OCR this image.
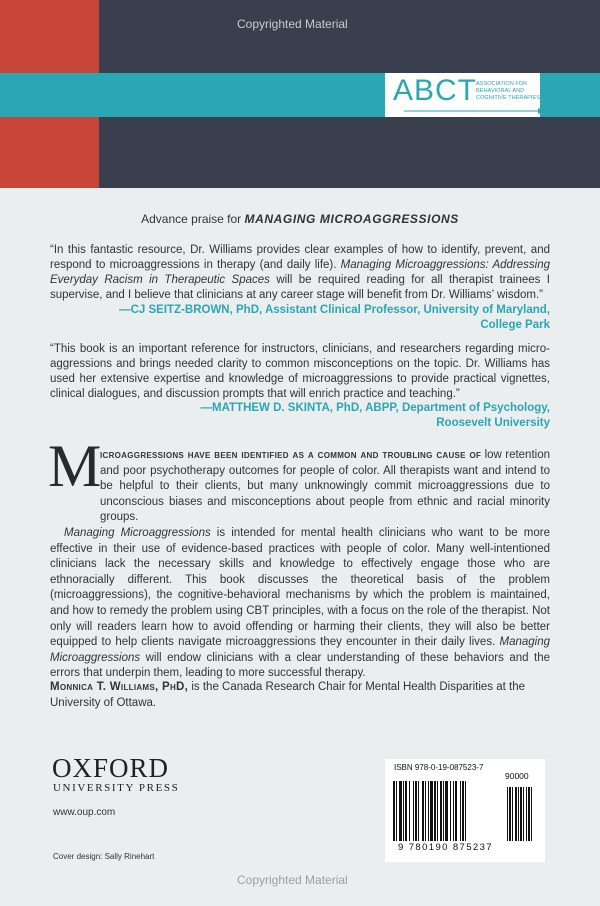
Copyrighted Material
ABCT
ASSOCIATION FOR
BEHAVIORAL AND
COGNITIVE THERAPIES
Advance praise for MANAGING MICROAGGRESSIONS
“In this fantastic resource, Dr. Williams provides clear examples of how to identify, prevent, and respond to microaggressions in therapy (and daily life). Managing Microaggressions: Addressing Everyday Racism in Therapeutic Spaces will be required reading for all therapist trainees I supervise, and I believe that clinicians at any career stage will benefit from Dr. Williams’ wisdom.”
—CJ SEITZ-BROWN, PhD, Assistant Clinical Professor, University of Maryland,
College Park
“This book is an important reference for instructors, clinicians, and researchers regarding micro-aggressions and brings needed clarity to common misconceptions on the topic. Dr. Williams has used her extensive expertise and knowledge of microaggressions to provide practical vignettes, clinical dialogues, and discussion prompts that will enrich practice and teaching.”
—MATTHEW D. SKINTA, PhD, ABPP, Department of Psychology,
Roosevelt University
M

icroaggressions have been identified as a common and troubling cause of low retention and poor psychotherapy outcomes for people of color. All therapists want and intend to be helpful to their clients, but many unknowingly commit microaggressions due to unconscious biases and misconceptions about people from ethnic and racial minority groups.

Managing Microaggressions is intended for mental health clinicians who want to be more effective in their use of evidence-based practices with people of color. Many well-intentioned clinicians lack the necessary skills and knowledge to effectively engage those who are ethnoracially different. This book discusses the theoretical basis of the problem (microaggressions), the cognitive-behavioral mechanisms by which the problem is maintained, and how to remedy the problem using CBT principles, with a focus on the role of the therapist. Not only will readers learn how to avoid offending or harming their clients, they will also be better equipped to help clients navigate microaggressions they encounter in their daily lives. Managing Microaggressions will endow clinicians with a clear understanding of these behaviors and the errors that underpin them, leading to more successful therapy.

Monnica T. Williams, PhD, is the Canada Research Chair for Mental Health Disparities at the University of Ottawa.
OXFORD
UNIVERSITY PRESS
www.oup.com
Cover design: Sally Rinehart
ISBN 978-0-19-087523-7
90000
9 780190 875237
Copyrighted Material
